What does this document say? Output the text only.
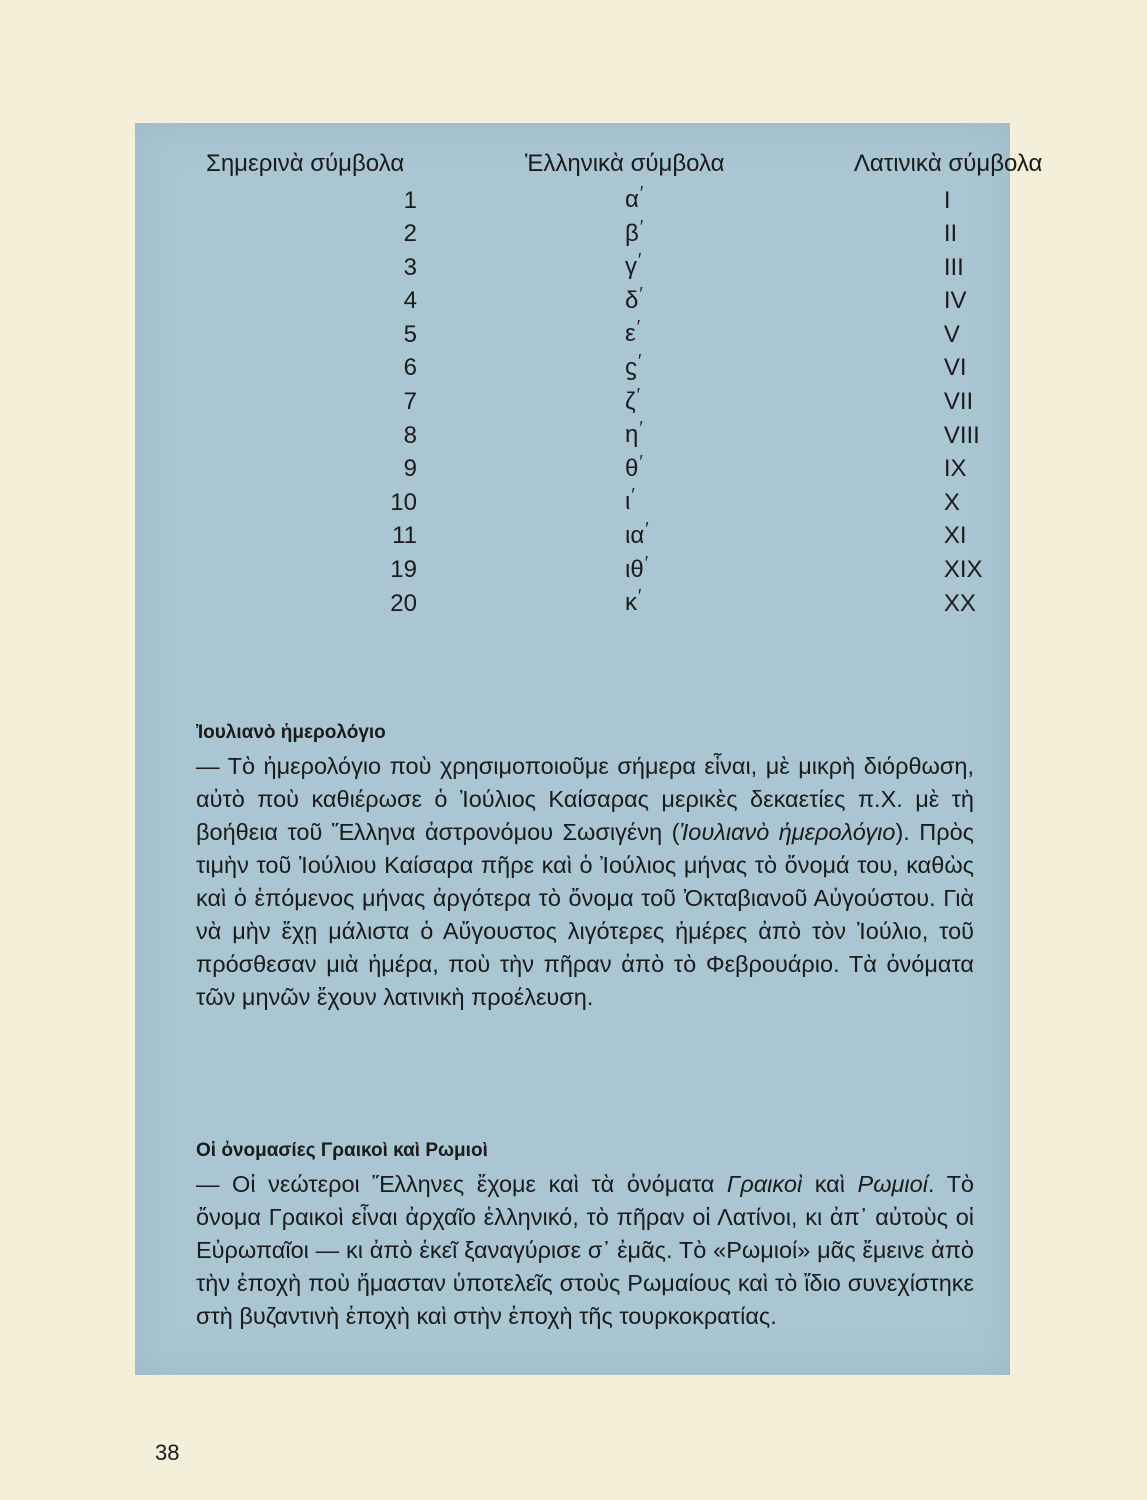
Σημερινὰ σύμβολα	Ἑλληνικὰ σύμβολα	Λατινικὰ σύμβολα
1	α′	I
2	β′	II
3	γ′	III
4	δ′	IV
5	ε′	V
6	ϛ′	VI
7	ζ′	VII
8	η′	VIII
9	θ′	IX
10	ι′	X
11	ια′	XI
19	ιθ′	XIX
20	κ′	XX
Ἰουλιανὸ ἡμερολόγιο

— Τὸ ἡμερολόγιο ποὺ χρησιμοποιοῦμε σήμερα εἶναι, μὲ μικρὴ διόρθωση, αὐτὸ ποὺ καθιέρωσε ὁ Ἰούλιος Καίσαρας μερικὲς δεκαετίες π.Χ. μὲ τὴ βοήθεια τοῦ Ἕλληνα ἀστρονόμου Σωσιγένη (Ἰουλιανὸ ἡμερολόγιο). Πρὸς τιμὴν τοῦ Ἰούλιου Καίσαρα πῆρε καὶ ὁ Ἰούλιος μήνας τὸ ὄνομά του, καθὼς καὶ ὁ ἑπόμενος μήνας ἀργότερα τὸ ὄνομα τοῦ Ὀκταβιανοῦ Αὐγούστου. Γιὰ νὰ μὴν ἔχῃ μάλιστα ὁ Αὔγουστος λιγότερες ἡμέρες ἀπὸ τὸν Ἰούλιο, τοῦ πρόσθεσαν μιὰ ἡμέρα, ποὺ τὴν πῆραν ἀπὸ τὸ Φεβρουάριο. Τὰ ὀνόματα τῶν μηνῶν ἔχουν λατινικὴ προέλευση.

Οἱ ὀνομασίες Γραικοὶ καὶ Ρωμιοὶ

— Οἱ νεώτεροι Ἕλληνες ἔχομε καὶ τὰ ὀνόματα Γραικοὶ καὶ Ρωμιοί. Τὸ ὄνομα Γραικοὶ εἶναι ἀρχαῖο ἑλληνικό, τὸ πῆραν οἱ Λατίνοι, κι ἀπ᾽ αὐτοὺς οἱ Εὐρωπαῖοι — κι ἀπὸ ἐκεῖ ξαναγύρισε σ᾽ ἐμᾶς. Τὸ «Ρωμιοί» μᾶς ἔμεινε ἀπὸ τὴν ἐποχὴ ποὺ ἤμασταν ὑποτελεῖς στοὺς Ρωμαίους καὶ τὸ ἴδιο συνεχίστηκε στὴ βυζαντινὴ ἐποχὴ καὶ στὴν ἐποχὴ τῆς τουρκοκρατίας.

38
